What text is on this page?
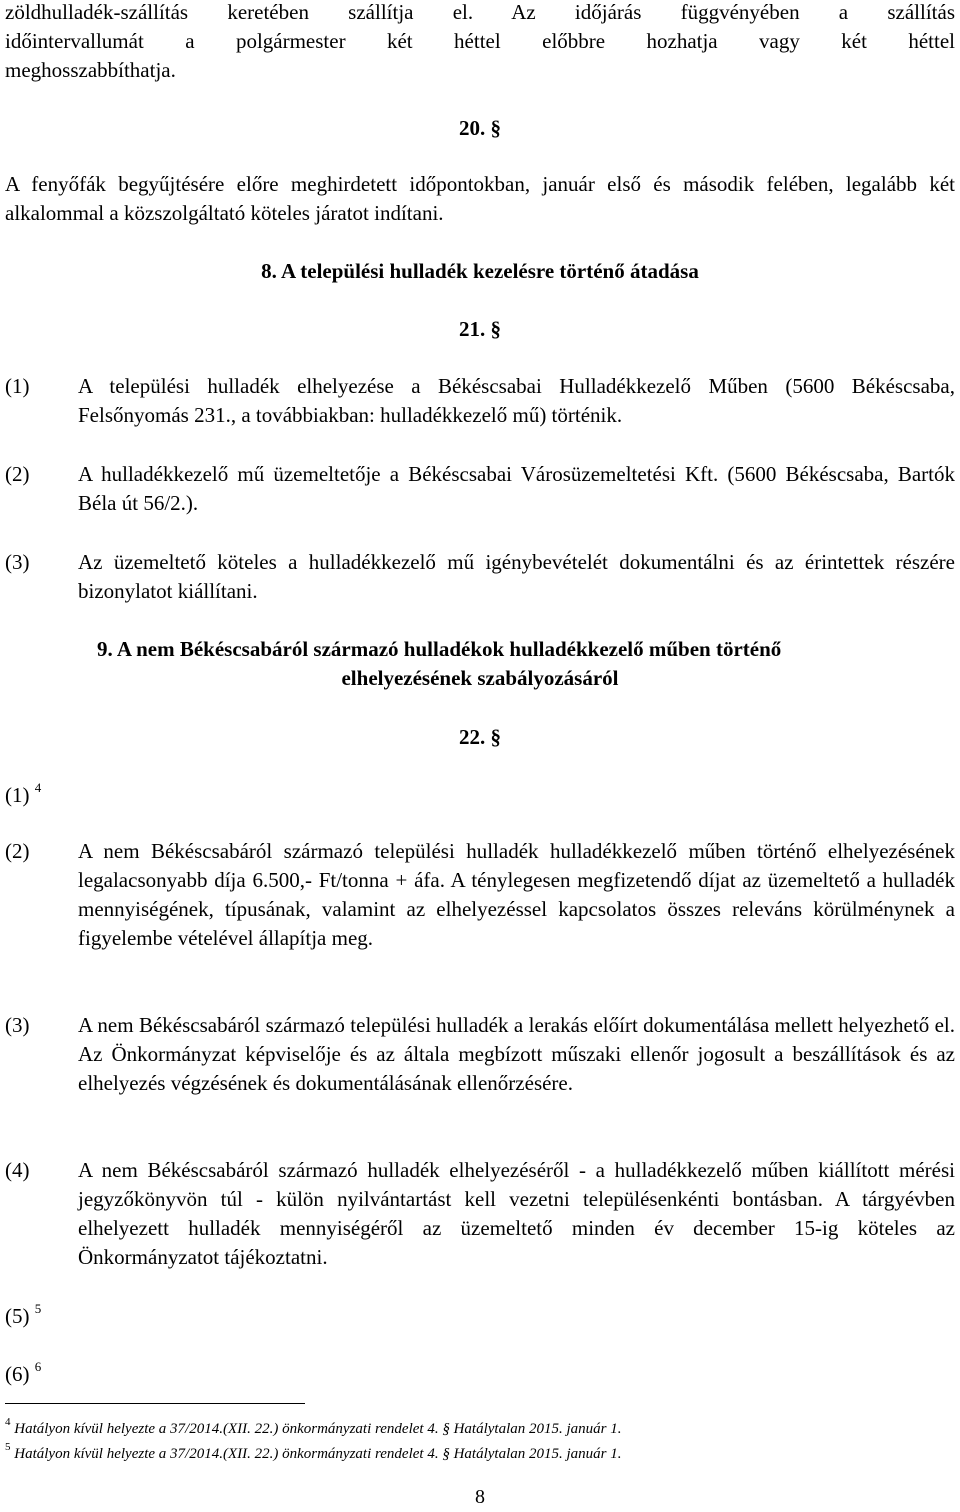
zöldhulladék-szállítás keretében szállítja el. Az időjárás függvényében a szállítás
időintervallumát a polgármester két héttel előbbre hozhatja vagy két héttel
meghosszabbíthatja.
20. §
A fenyőfák begyűjtésére előre meghirdetett időpontokban, január első és második felében, legalább két alkalommal a közszolgáltató köteles járatot indítani.
8. A települési hulladék kezelésre történő átadása
21. §
(1)	A települési hulladék elhelyezése a Békéscsabai Hulladékkezelő Műben (5600 Békéscsaba, Felsőnyomás 231., a továbbiakban: hulladékkezelő mű) történik.
(2)	A hulladékkezelő mű üzemeltetője a Békéscsabai Városüzemeltetési Kft. (5600 Békéscsaba, Bartók Béla út 56/2.).
(3)	Az üzemeltető köteles a hulladékkezelő mű igénybevételét dokumentálni és az érintettek részére bizonylatot kiállítani.
9. A nem Békéscsabáról származó hulladékok hulladékkezelő műben történő
elhelyezésének szabályozásáról
22. §
(1) $^4$
(2)	A nem Békéscsabáról származó települési hulladék hulladékkezelő műben történő elhelyezésének legalacsonyabb díja 6.500,- Ft/tonna + áfa. A ténylegesen megfizetendő díjat az üzemeltető a hulladék mennyiségének, típusának, valamint az elhelyezéssel kapcsolatos összes releváns körülménynek a figyelembe vételével állapítja meg.
(3)	A nem Békéscsabáról származó települési hulladék a lerakás előírt dokumentálása mellett helyezhető el. Az Önkormányzat képviselője és az általa megbízott műszaki ellenőr jogosult a beszállítások és az elhelyezés végzésének és dokumentálásának ellenőrzésére.
(4)	A nem Békéscsabáról származó hulladék elhelyezéséről - a hulladékkezelő műben kiállított mérési jegyzőkönyvön túl - külön nyilvántartást kell vezetni településenkénti bontásban. A tárgyévben elhelyezett hulladék mennyiségéről az üzemeltető minden év december 15-ig köteles az Önkormányzatot tájékoztatni.
(5) $^5$
(6) $^6$
$^4$ Hatályon kívül helyezte a 37/2014.(XII. 22.) önkormányzati rendelet 4. § Hatálytalan 2015. január 1.
$^5$ Hatályon kívül helyezte a 37/2014.(XII. 22.) önkormányzati rendelet 4. § Hatálytalan 2015. január 1.
8
